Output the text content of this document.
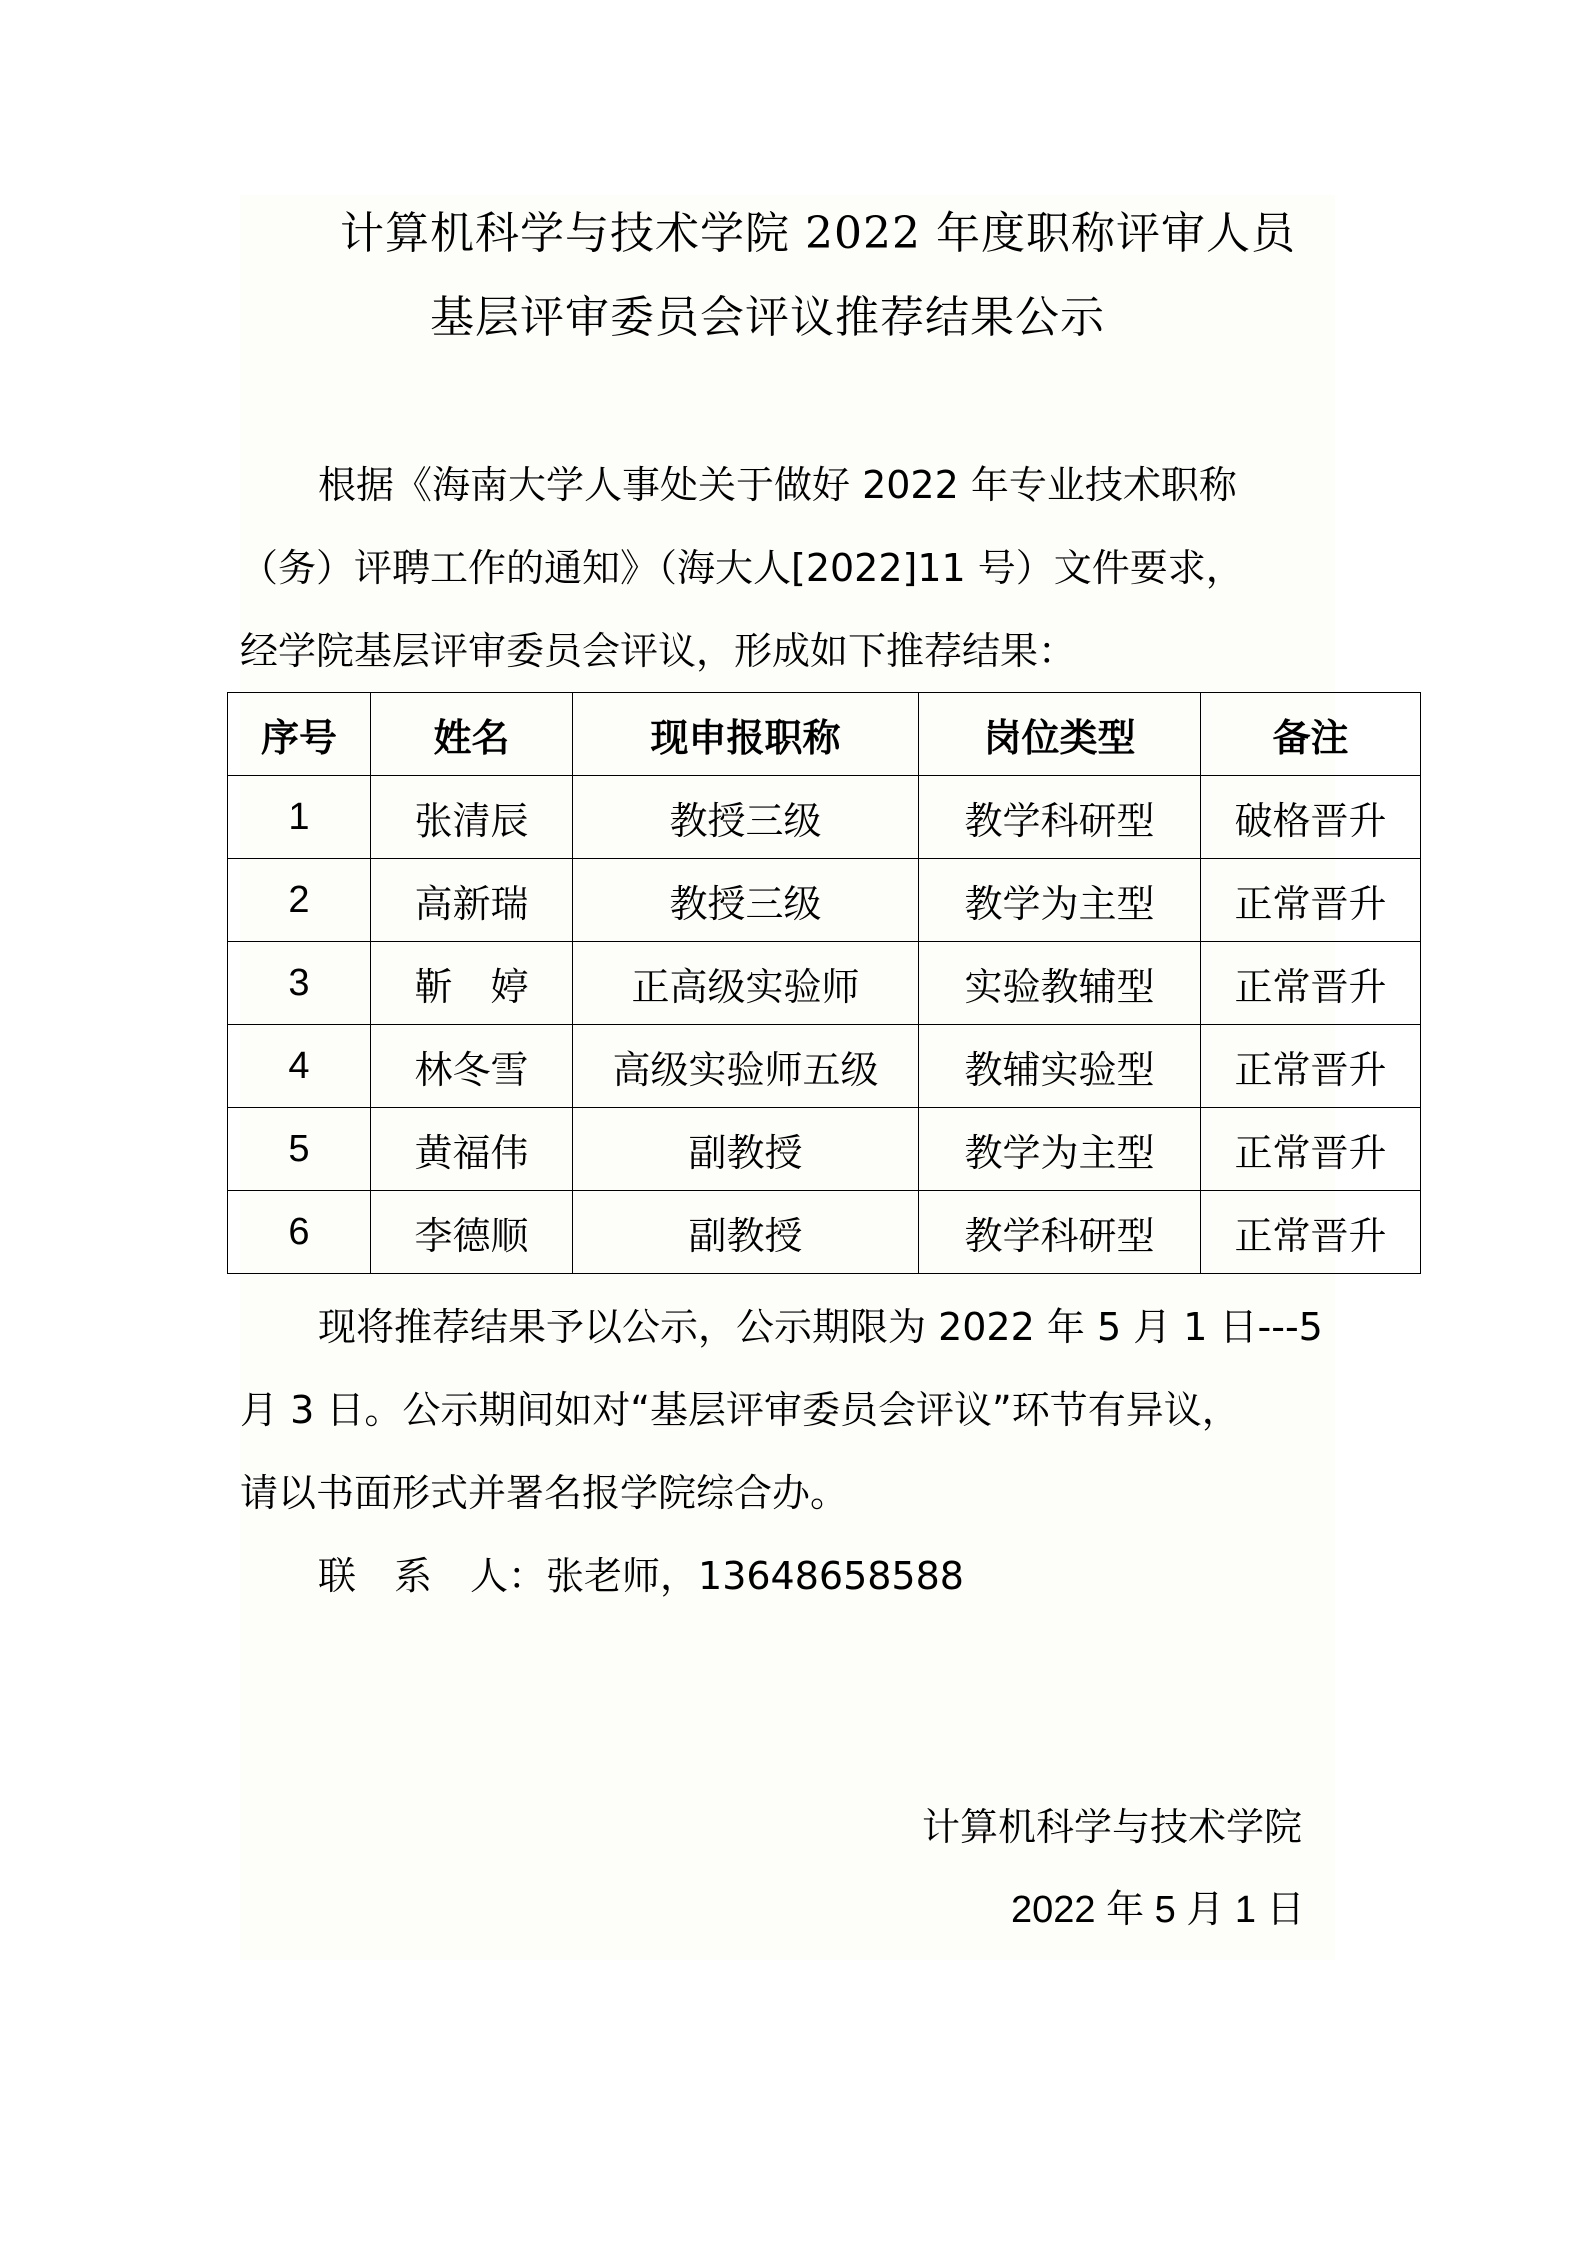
计算机科学与技术学院 2022 年度职称评审人员
基层评审委员会评议推荐结果公示
根据《海南大学人事处关于做好 2022 年专业技术职称
（务）评聘工作的通知》（海大人[2022]11 号）文件要求，
经学院基层评审委员会评议，形成如下推荐结果：
序号	姓名	现申报职称	岗位类型	备注
1	张清辰	教授三级	教学科研型	破格晋升
2	高新瑞	教授三级	教学为主型	正常晋升
3	靳　婷	正高级实验师	实验教辅型	正常晋升
4	林冬雪	高级实验师五级	教辅实验型	正常晋升
5	黄福伟	副教授	教学为主型	正常晋升
6	李德顺	副教授	教学科研型	正常晋升
现将推荐结果予以公示，公示期限为 2022 年 5 月 1 日---5
月 3 日。公示期间如对“基层评审委员会评议”环节有异议，
请以书面形式并署名报学院综合办。
联　系　人：张老师，13648658588
计算机科学与技术学院
2022 年 5 月 1 日
